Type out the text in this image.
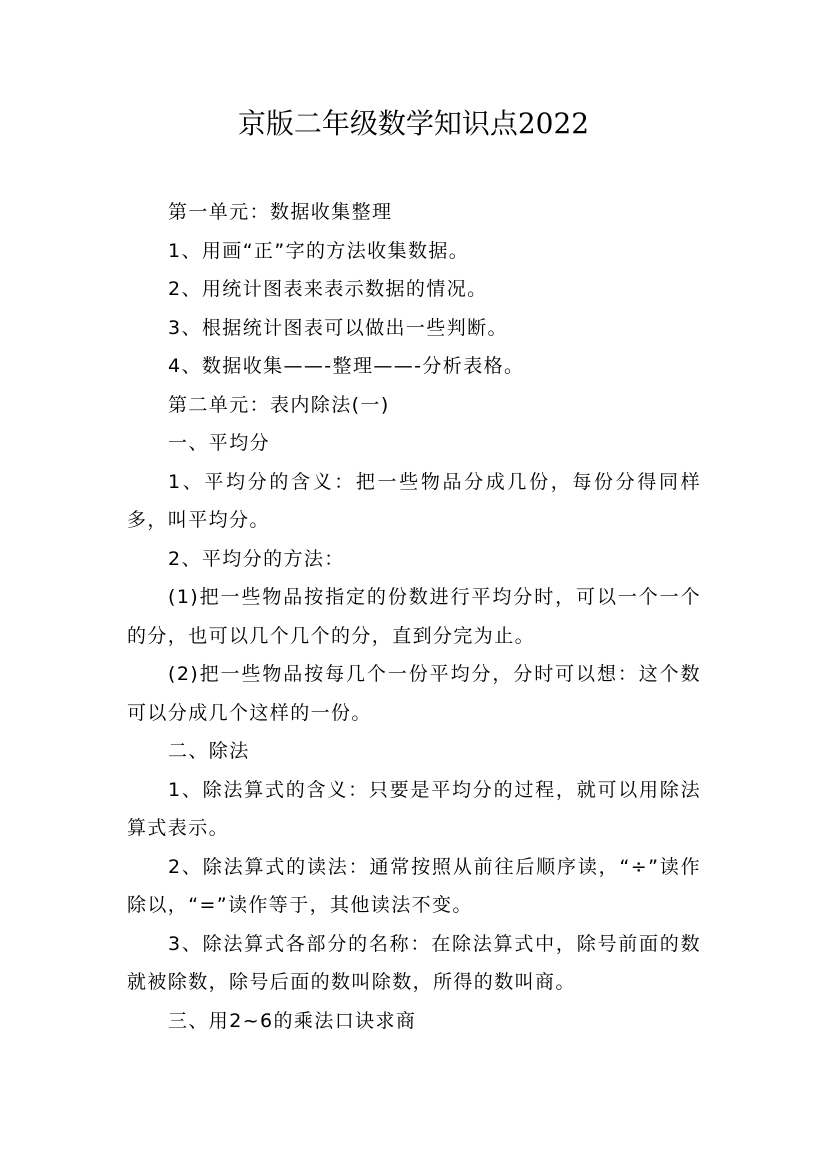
京版二年级数学知识点2022

第一单元：数据收集整理

1、用画“正”字的方法收集数据。

2、用统计图表来表示数据的情况。

3、根据统计图表可以做出一些判断。

4、数据收集——-整理——-分析表格。

第二单元：表内除法(一)

一、平均分

1、平均分的含义：把一些物品分成几份，每份分得同样多，叫平均分。

2、平均分的方法：

(1)把一些物品按指定的份数进行平均分时，可以一个一个的分，也可以几个几个的分，直到分完为止。

(2)把一些物品按每几个一份平均分，分时可以想：这个数可以分成几个这样的一份。

二、除法

1、除法算式的含义：只要是平均分的过程，就可以用除法算式表示。

2、除法算式的读法：通常按照从前往后顺序读，“÷”读作除以，“=”读作等于，其他读法不变。

3、除法算式各部分的名称：在除法算式中，除号前面的数就被除数，除号后面的数叫除数，所得的数叫商。

三、用2~6的乘法口诀求商
